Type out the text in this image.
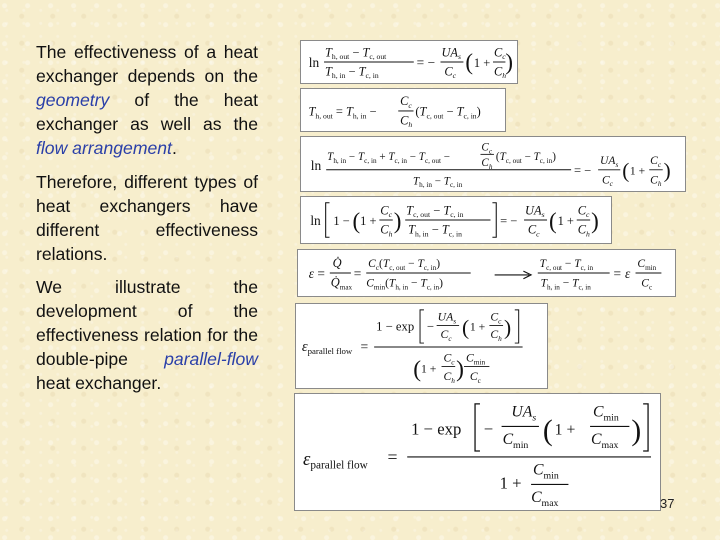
The effectiveness of a heat exchanger depends on the geometry of the heat exchanger as well as the flow arrangement.
Therefore, different types of heat exchangers have different effectiveness relations.
We illustrate the development of the effectiveness relation for the double-pipe parallel-flow heat exchanger.
ln
$T_{h, out} - T_{c, out}$
$T_{h, in} - T_{c, in}$
= −
$UA_s$
$C_c$
( 1 +
$C_c$
$C_h$
)
$T_{h, out} = T_{h, in}$ −
$C_c$
$C_h$
$(T_{c, out} - T_{c, in})$
ln
$T_{h, in} - T_{c, in} + T_{c, in} - T_{c, out}$ −
$C_c$
$C_h$
$(T_{c, out} - T_{c, in})$
$T_{h, in} - T_{c, in}$
= −
$UA_s$
$C_c$
( 1 +
$C_c$
$C_h$
)
ln 1 − ( 1 +
$C_c$
$C_h$
) $T_{c, out} - T_{c, in}$
$T_{h, in} - T_{c, in}$
= −
$UA_s$
$C_c$
( 1 +
$C_c$
$C_h$
)
ε =
Q̇
$Q̇_{max}$
=
$C_c(T_{c, out} - T_{c, in})$
$C_{min}(T_{h, in} - T_{c, in})$
$T_{c, out} - T_{c, in}$
$T_{h, in} - T_{c, in}$
= ε
$C_{min}$
$C_c$
$\varepsilon_{parallel flow}$ =
1 − exp −
$UA_s$
$C_c$ ( 1 +
$C_c$
$C_h$ )
( 1 +
$C_c$
$C_h$ ) $C_{min}$
$C_c$
$\varepsilon_{parallel flow}$ =
1 − exp −
$UA_s$
$C_{min}$ ( 1 +
$C_{min}$
$C_{max}$ )
1 +
$C_{min}$
$C_{max}$	37
